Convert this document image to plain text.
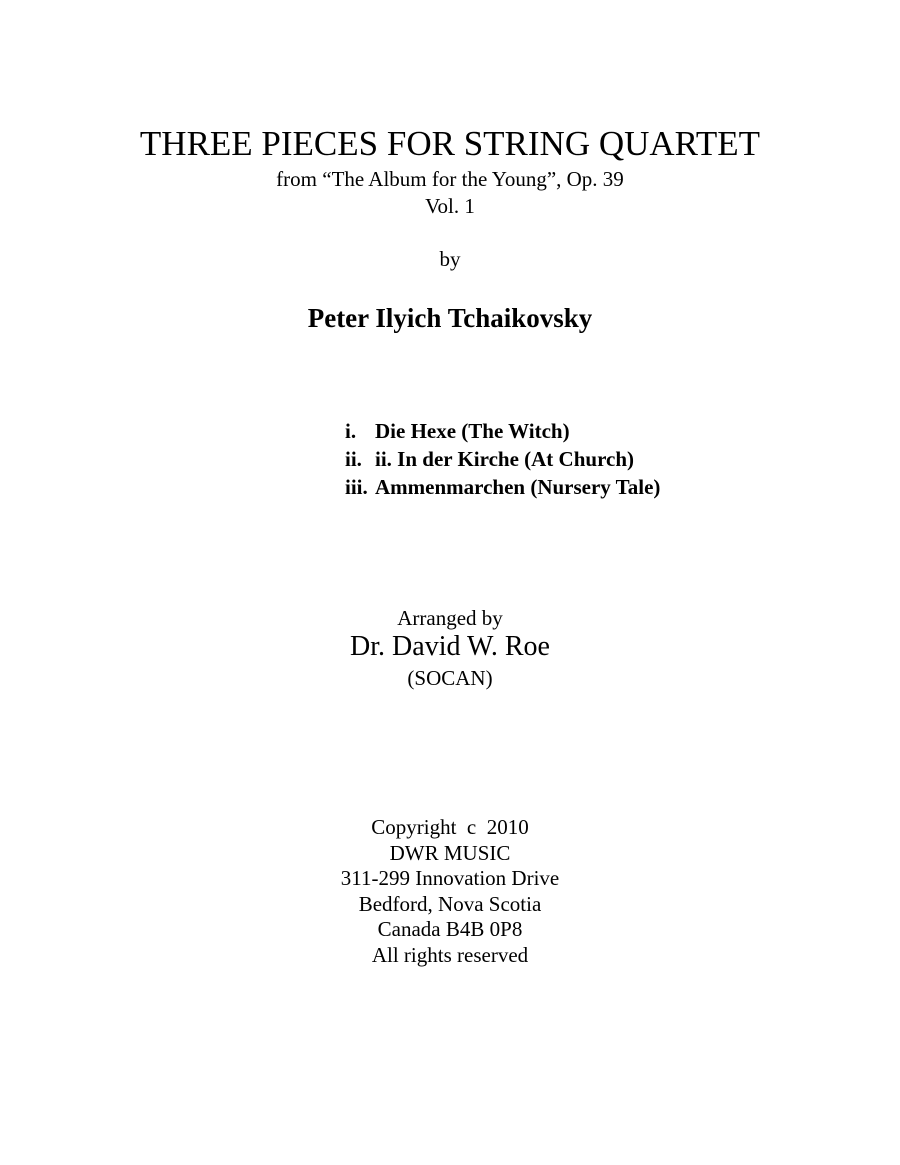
THREE PIECES FOR STRING QUARTET
from “The Album for the Young”, Op. 39
Vol. 1
by
Peter Ilyich Tchaikovsky
i. Die Hexe (The Witch)
ii. ii. In der Kirche (At Church)
iii. Ammenmarchen (Nursery Tale)
Arranged by
Dr. David W. Roe
(SOCAN)
Copyright  c  2010
DWR MUSIC
311-299 Innovation Drive
Bedford, Nova Scotia
Canada B4B 0P8
All rights reserved
